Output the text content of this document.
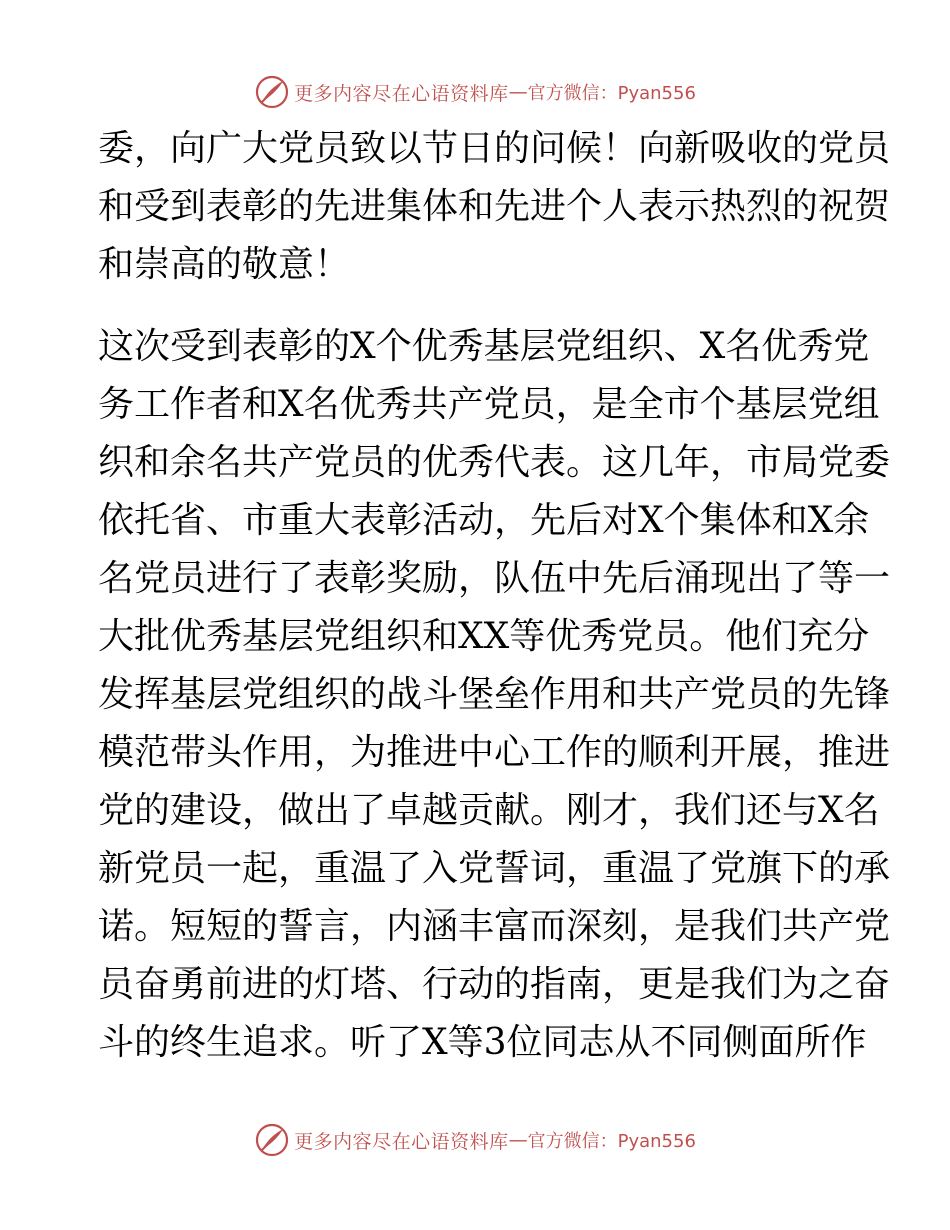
更多内容尽在心语资料库 — 官方微信：Pyan556
委，向广大党员致以节日的问候！向新吸收的党员
和受到表彰的先进集体和先进个人表示热烈的祝贺
和崇高的敬意！
这次受到表彰的X个优秀基层党组织、X名优秀党
务工作者和X名优秀共产党员，是全市个基层党组
织和余名共产党员的优秀代表。这几年，市局党委
依托省、市重大表彰活动，先后对X个集体和X余
名党员进行了表彰奖励，队伍中先后涌现出了等一
大批优秀基层党组织和XX等优秀党员。他们充分
发挥基层党组织的战斗堡垒作用和共产党员的先锋
模范带头作用，为推进中心工作的顺利开展，推进
党的建设，做出了卓越贡献。刚才，我们还与X名
新党员一起，重温了入党誓词，重温了党旗下的承
诺。短短的誓言，内涵丰富而深刻，是我们共产党
员奋勇前进的灯塔、行动的指南，更是我们为之奋
斗的终生追求。听了X等3位同志从不同侧面所作
更多内容尽在心语资料库 — 官方微信：Pyan556
